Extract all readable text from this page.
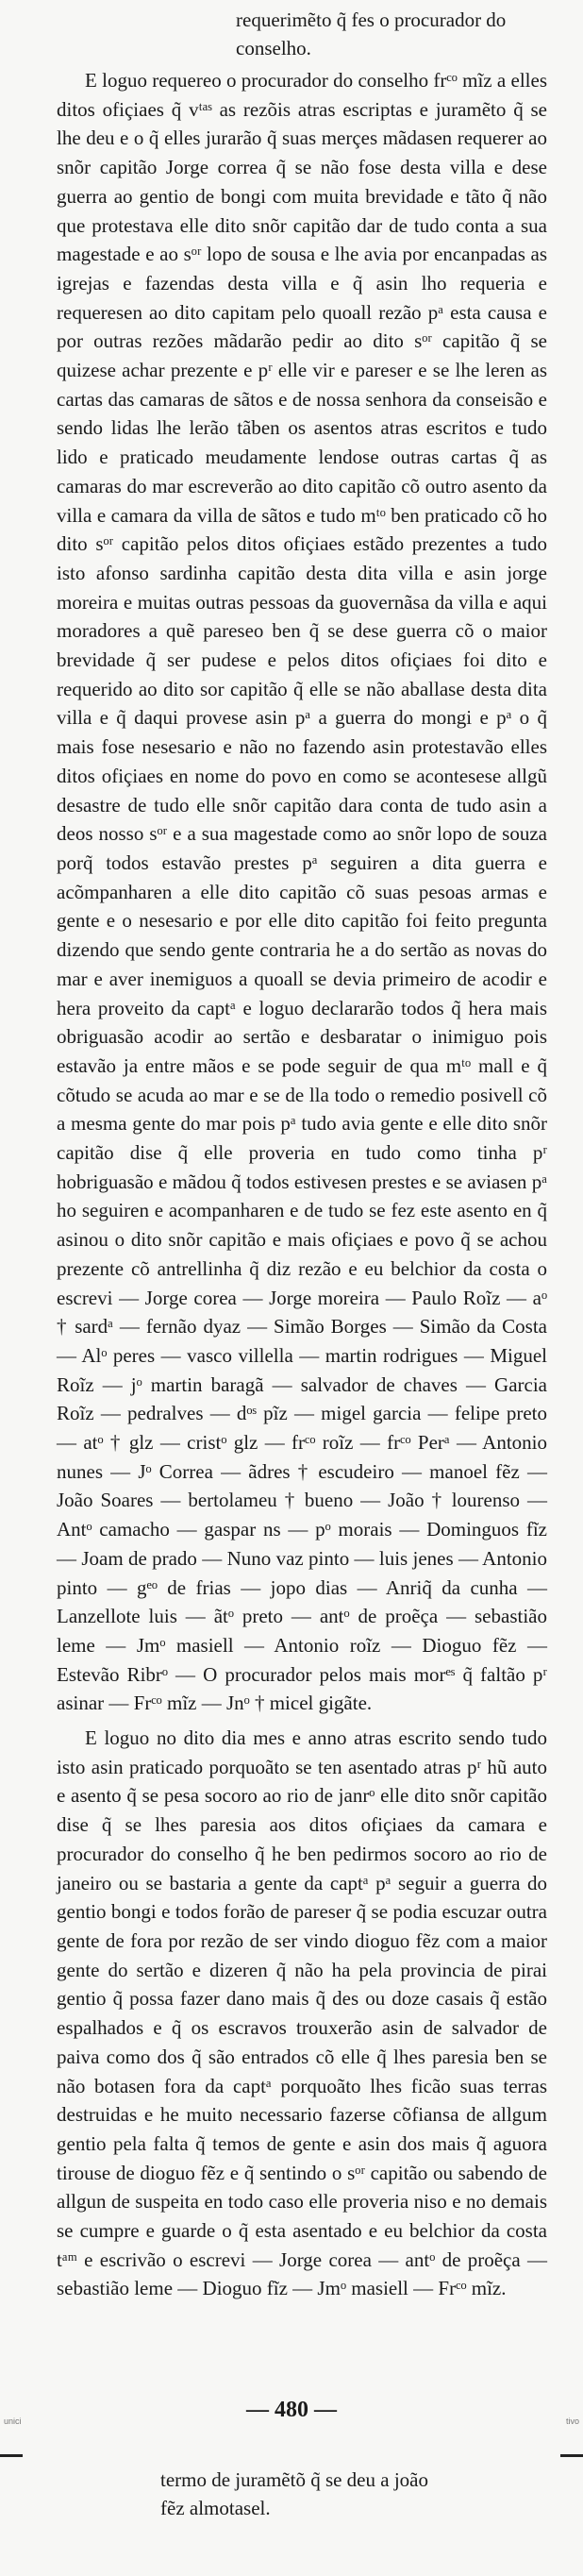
requerimẽto q̃ fes o procurador do

conselho.

E loguo requereo o procurador do conselho frᶜᵒ mĩz a elles ditos ofiçiaes q̃ vᵗᵃˢ as rezõis atras escriptas e juramẽto q̃ se lhe deu e o q̃ elles jurarão q̃ suas merçes mãdasen requerer ao snõr capitão Jorge correa q̃ se não fose desta villa e dese guerra ao gentio de bongi com muita brevidade e tãto q̃ não que protestava elle dito snõr capitão dar de tudo conta a sua magestade e ao sᵒʳ lopo de sousa e lhe avia por encanpadas as igrejas e fazendas desta villa e q̃ asin lho requeria e requeresen ao dito capitam pelo quoall rezão pᵃ esta causa e por outras rezões mãdarão pedir ao dito sᵒʳ capitão q̃ se quizese achar prezente e pʳ elle vir e pareser e se lhe leren as cartas das camaras de sãtos e de nossa senhora da conseisão e sendo lidas lhe lerão tãben os asentos atras escritos e tudo lido e praticado meudamente lendose outras cartas q̃ as camaras do mar escreverão ao dito capitão cõ outro asento da villa e camara da villa de sãtos e tudo mᵗᵒ ben praticado cõ ho dito sᵒʳ capitão pelos ditos ofiçiaes estãdo prezentes a tudo isto afonso sardinha capitão desta dita villa e asin jorge moreira e muitas outras pessoas da guovernãsa da villa e aqui moradores a quẽ pareseo ben q̃ se dese guerra cõ o maior brevidade q̃ ser pudese e pelos ditos ofiçiaes foi dito e requerido ao dito sor capitão q̃ elle se não aballase desta dita villa e q̃ daqui provese asin pᵃ a guerra do mongi e pᵃ o q̃ mais fose nesesario e não no fazendo asin protestavão elles ditos ofiçiaes en nome do povo en como se acontesese allgũ desastre de tudo elle snõr capitão dara conta de tudo asin a deos nosso sᵒʳ e a sua magestade como ao snõr lopo de souza porq̃ todos estavão prestes pᵃ seguiren a dita guerra e acõmpanharen a elle dito capitão cõ suas pesoas armas e gente e o nesesario e por elle dito capitão foi feito pregunta dizendo que sendo gente contraria he a do sertão as novas do mar e aver inemiguos a quoall se devia primeiro de acodir e hera proveito da captᵃ e loguo declararão todos q̃ hera mais obriguasão acodir ao sertão e desbaratar o inimiguo pois estavão ja entre mãos e se pode seguir de qua mᵗᵒ mall e q̃ cõtudo se acuda ao mar e se de lla todo o remedio posivell cõ a mesma gente do mar pois pᵃ tudo avia gente e elle dito snõr capitão dise q̃ elle proveria en tudo como tinha pʳ hobriguasão e mãdou q̃ todos estivesen prestes e se aviasen pᵃ ho seguiren e acompanharen e de tudo se fez este asento en q̃ asinou o dito snõr capitão e mais ofiçiaes e povo q̃ se achou prezente cõ antrellinha q̃ diz rezão e eu belchior da costa o escrevi — Jorge corea — Jorge moreira — Paulo Roĩz — aᵒ † sardᵃ — fernão dyaz — Simão Borges — Simão da Costa — Alᵒ peres — vasco villella — martin rodrigues — Miguel Roĩz — jᵒ martin baragã — salvador de chaves — Garcia Roĩz — pedralves — dᵒˢ pĩz — migel garcia — felipe preto — atᵒ † glz — cristᵒ glz — frᶜᵒ roĩz — frᶜᵒ Perᵃ — Antonio nunes — Jᵒ Correa — ãdres † escudeiro — manoel fẽz — João Soares — bertolameu † bueno — João † lourenso — Antᵒ camacho — gaspar ns — pᵒ morais — Dominguos fĩz — Joam de prado — Nuno vaz pinto — luis jenes — Antonio pinto — gᵉᵒ de frias — jopo dias — Anriq̃ da cunha — Lanzellote luis — ãtᵒ preto — antᵒ de proẽça — sebastião leme — Jmᵒ masiell — Antonio roĩz — Dioguo fẽz — Estevão Ribrᵒ — O procurador pelos mais morᵉˢ q̃ faltão pʳ asinar — Frᶜᵒ mĩz — Jnᵒ † micel gigãte.

E loguo no dito dia mes e anno atras escrito sendo tudo isto asin praticado porquoãto se ten asentado atras pʳ hũ auto e asento q̃ se pesa socoro ao rio de janrᵒ elle dito snõr capitão dise q̃ se lhes paresia aos ditos ofiçiaes da camara e procurador do conselho q̃ he ben pedirmos socoro ao rio de janeiro ou se bastaria a gente da captᵃ pᵃ seguir a guerra do gentio bongi e todos forão de pareser q̃ se podia escuzar outra gente de fora por rezão de ser vindo dioguo fẽz com a maior gente do sertão e dizeren q̃ não ha pela provincia de pirai gentio q̃ possa fazer dano mais q̃ des ou doze casais q̃ estão espalhados e q̃ os escravos trouxerão asin de salvador de paiva como dos q̃ são entrados cõ elle q̃ lhes paresia ben se não botasen fora da captᵃ porquoãto lhes ficão suas terras destruidas e he muito necessario fazerse cõfiansa de allgum gentio pela falta q̃ temos de gente e asin dos mais q̃ aguora tirouse de dioguo fẽz e q̃ sentindo o sᵒʳ capitão ou sabendo de allgun de suspeita en todo caso elle proveria niso e no demais se cumpre e guarde o q̃ esta asentado e eu belchior da costa tᵃᵐ e escrivão o escrevi — Jorge corea — antᵒ de proẽça — sebastião leme — Dioguo fĩz — Jmᵒ masiell — Frᶜᵒ mĩz.

— 480 —
unici	tivo

termo de juramẽtõ q̃ se deu a joão

fẽz almotasel.
